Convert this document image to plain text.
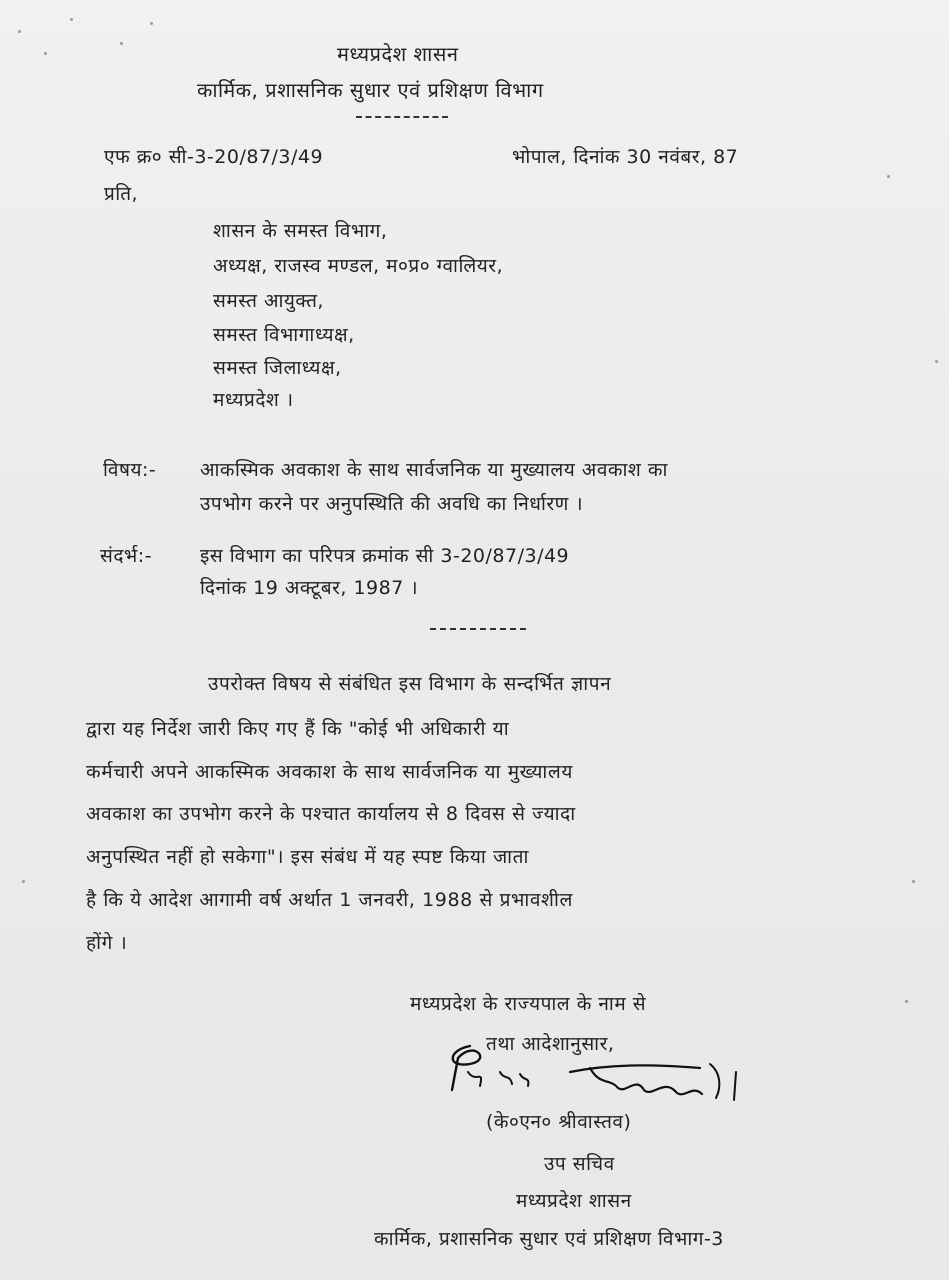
मध्यप्रदेश शासन
कार्मिक, प्रशासनिक सुधार एवं प्रशिक्षण विभाग
एफ क्र० सी-3-20/87/3/49	भोपाल, दिनांक 30 नवंबर, 87
प्रति,
शासन के समस्त विभाग,
अध्यक्ष, राजस्व मण्डल, म०प्र० ग्वालियर,
समस्त आयुक्त,
समस्त विभागाध्यक्ष,
समस्त जिलाध्यक्ष,
मध्यप्रदेश ।
विषय:- आकस्मिक अवकाश के साथ सार्वजनिक या मुख्यालय अवकाश का
उपभोग करने पर अनुपस्थिति की अवधि का निर्धारण ।
संदर्भ:-	इस विभाग का परिपत्र क्रमांक सी 3-20/87/3/49
दिनांक 19 अक्टूबर, 1987 ।
उपरोक्त विषय से संबंधित इस विभाग के सन्दर्भित ज्ञापन
द्वारा यह निर्देश जारी किए गए हैं कि "कोई भी अधिकारी या
कर्मचारी अपने आकस्मिक अवकाश के साथ सार्वजनिक या मुख्यालय
अवकाश का उपभोग करने के पश्चात कार्यालय से 8 दिवस से ज्यादा
अनुपस्थित नहीं हो सकेगा"। इस संबंध में यह स्पष्ट किया जाता
है कि ये आदेश आगामी वर्ष अर्थात 1 जनवरी, 1988 से प्रभावशील
होंगे ।
मध्यप्रदेश के राज्यपाल के नाम से
तथा आदेशानुसार,
(के०एन० श्रीवास्तव)
उप सचिव
मध्यप्रदेश शासन
कार्मिक, प्रशासनिक सुधार एवं प्रशिक्षण विभाग-3
